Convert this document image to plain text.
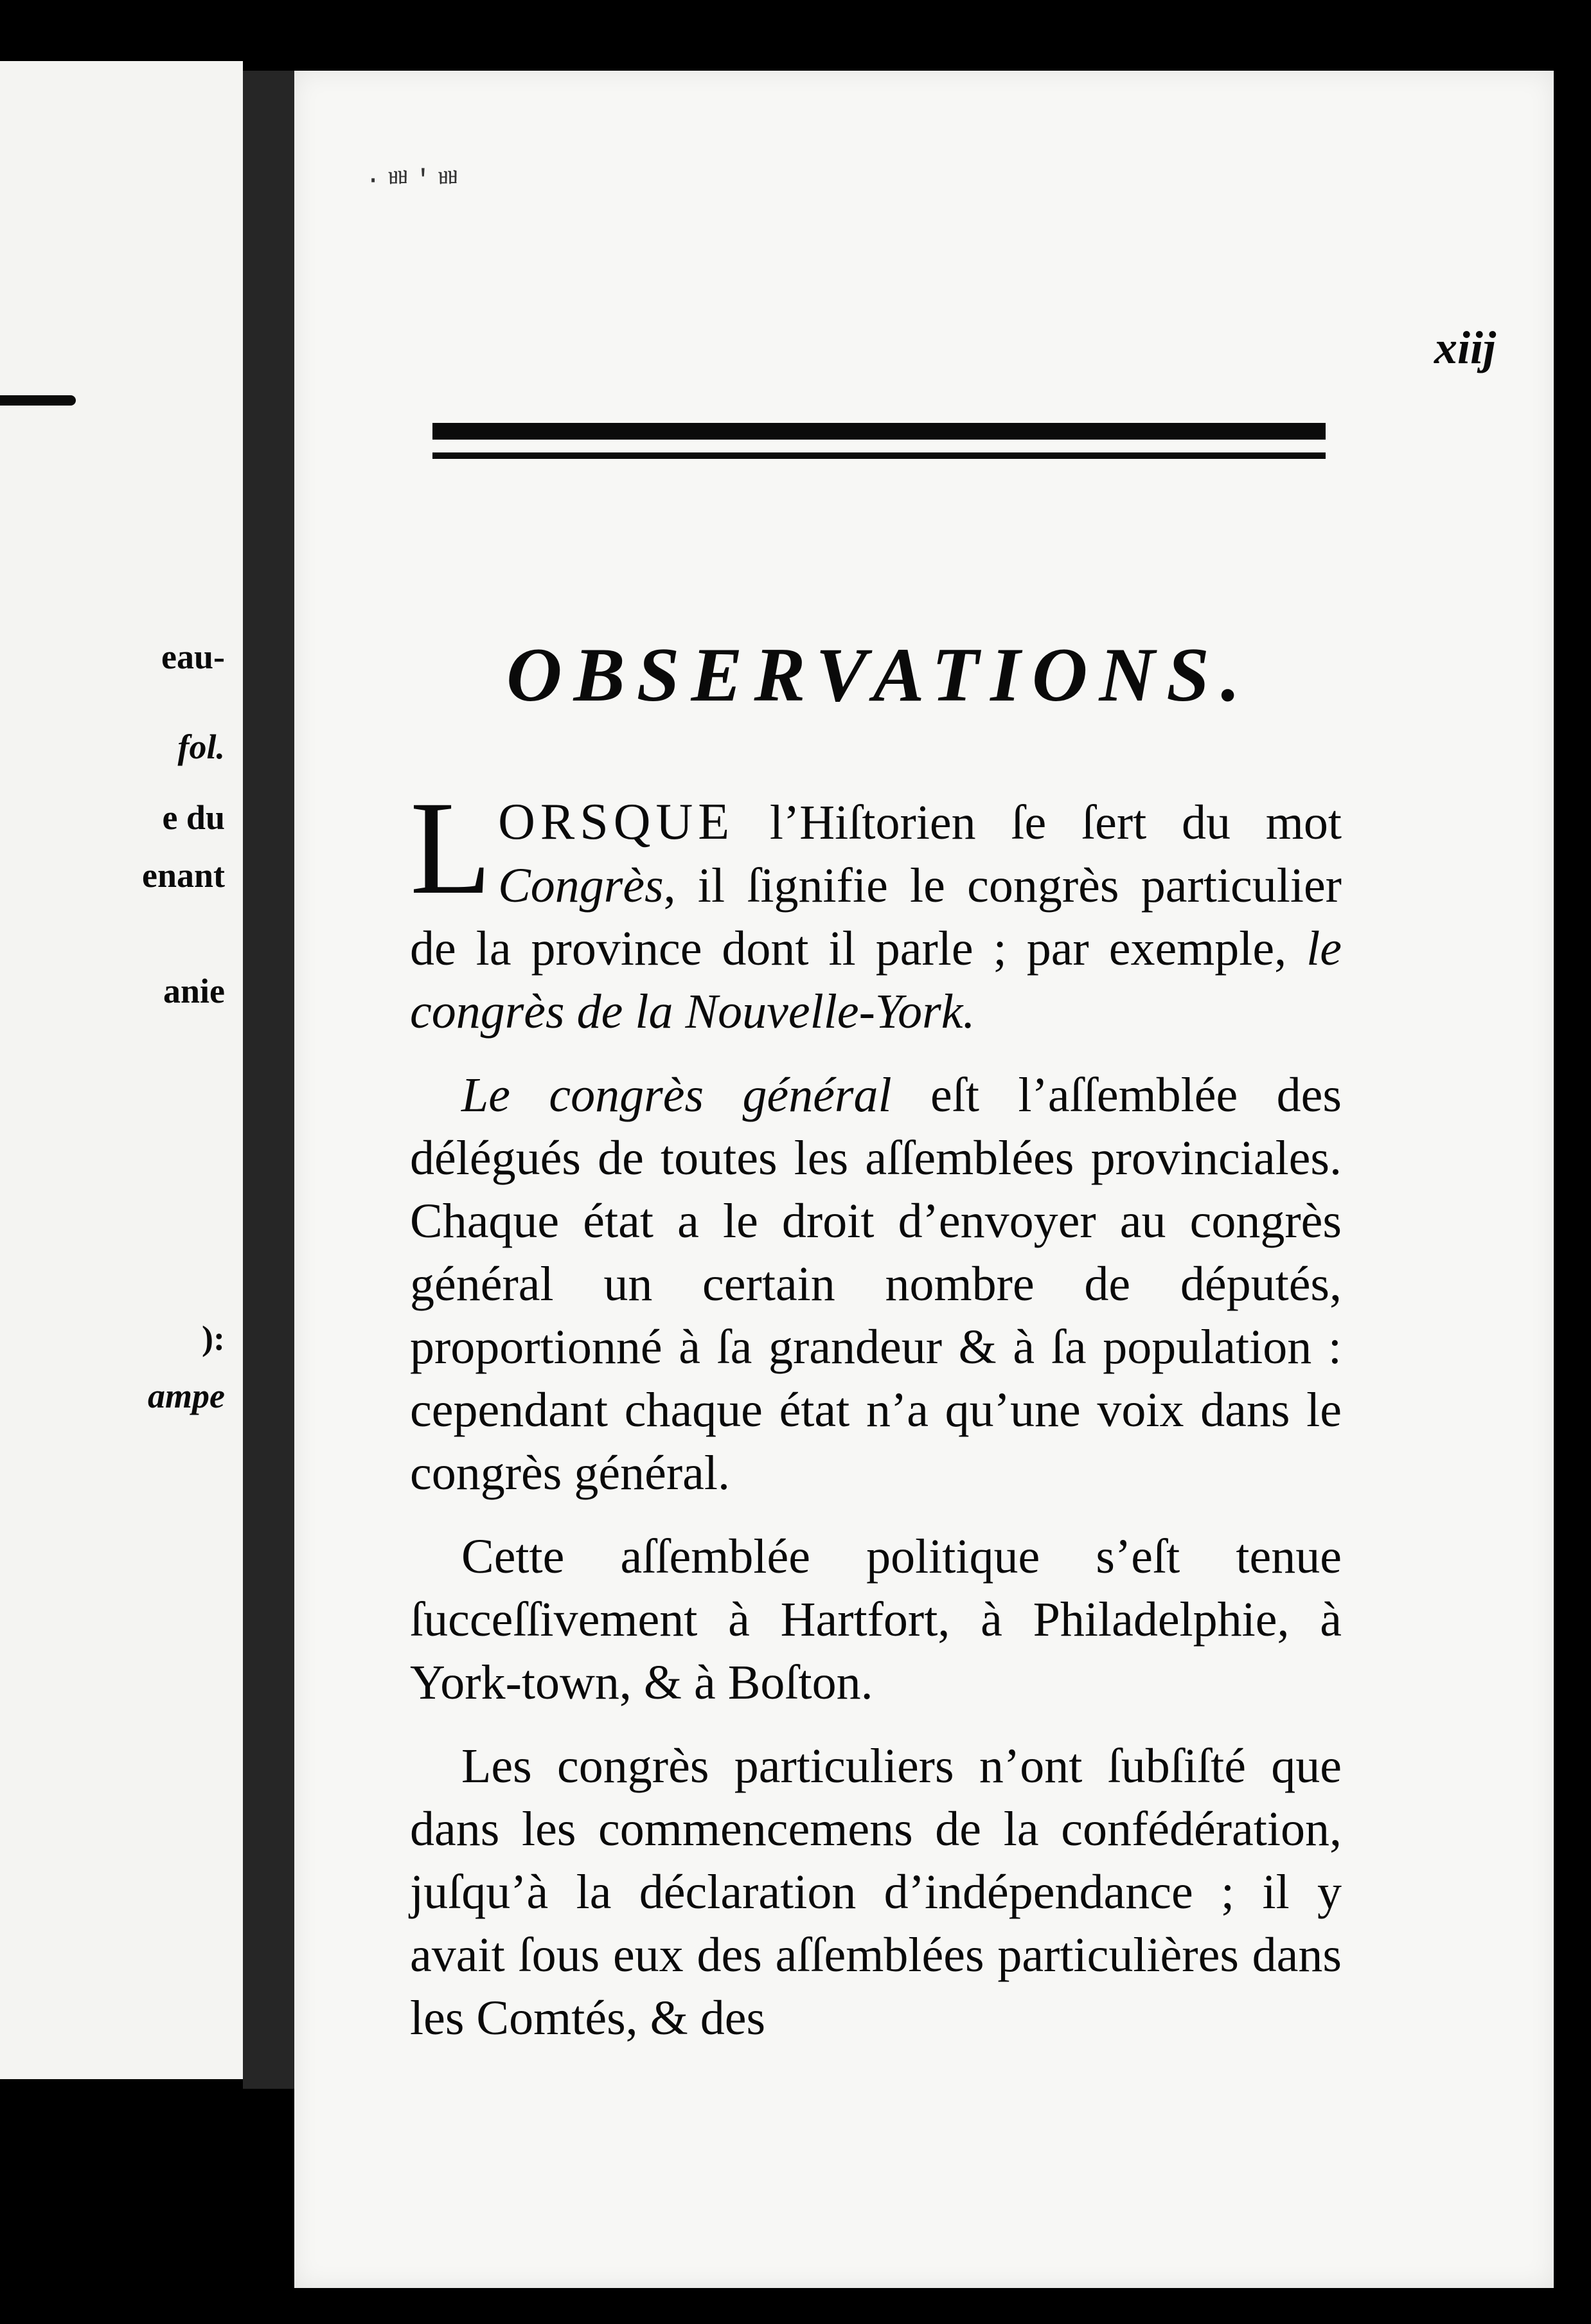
eau-
fol.
e du
enant
anie
):
ampe
·ㅃ'ㅃ
xiij
OBSERVATIONS.

LORSQUE l’Hiſtorien ſe ſert du mot Congrès, il ſignifie le congrès particulier de la province dont il parle ; par exemple, le congrès de la Nouvelle-York.

Le congrès général eſt l’aſſemblée des délégués de toutes les aſſemblées provinciales. Chaque état a le droit d’envoyer au congrès général un certain nombre de députés, proportionné à ſa grandeur & à ſa population : cependant chaque état n’a qu’une voix dans le congrès général.

Cette aſſemblée politique s’eſt tenue ſucceſſivement à Hartfort, à Philadelphie, à York-town, & à Boſton.

Les congrès particuliers n’ont ſubſiſté que dans les commencemens de la confédération, juſqu’à la déclaration d’indépendance ; il y avait ſous eux des aſſemblées particulières dans les Comtés, & des
